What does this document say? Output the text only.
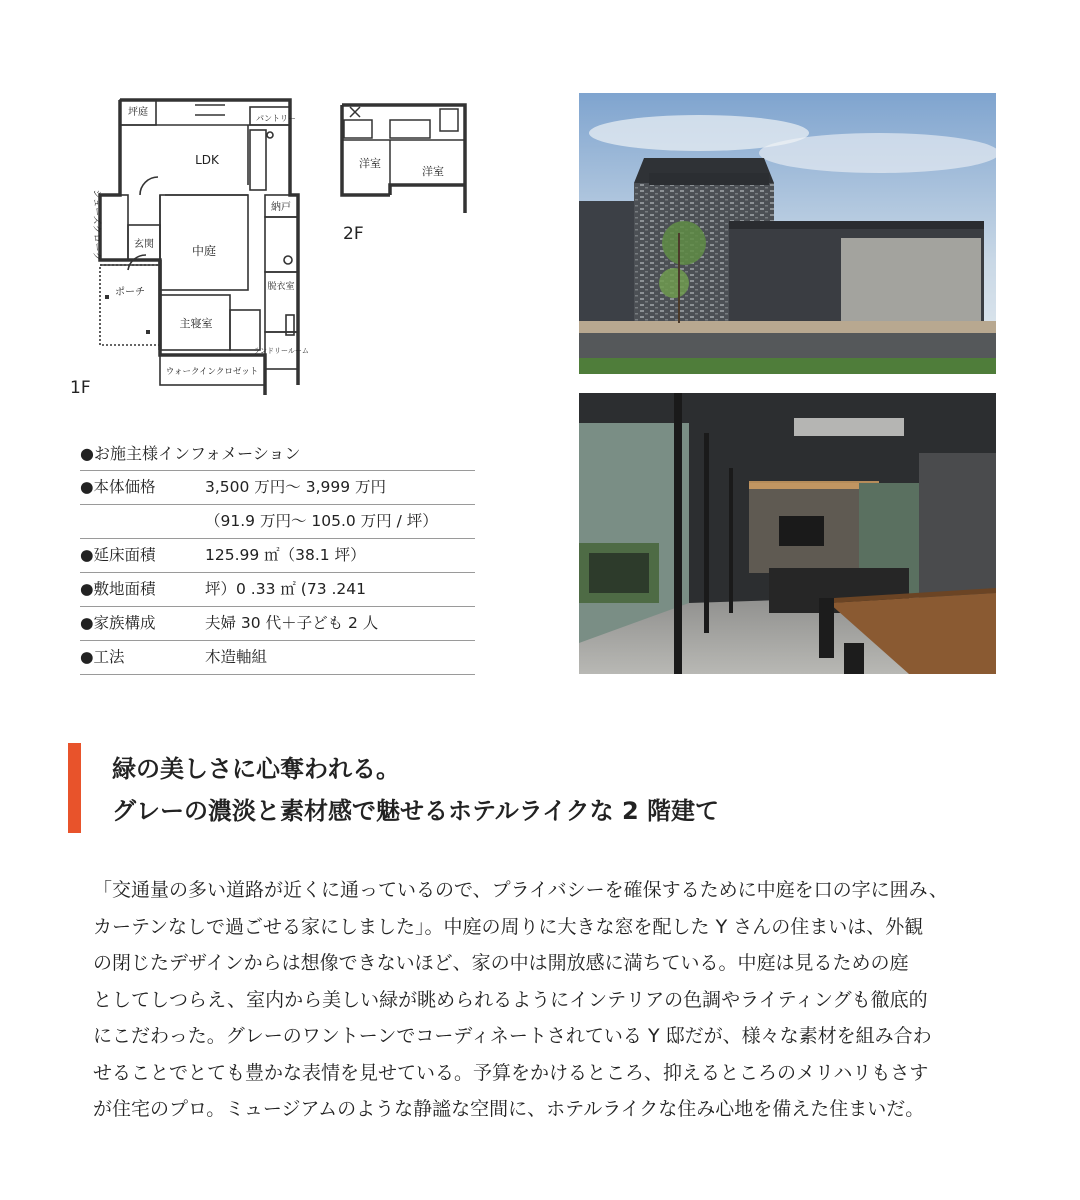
坪庭
パントリー
LDK
納戸
シューズクローク	玄関	中庭
脱衣室
ポーチ
主寝室
ランドリールーム
ウォークインクロゼット
1F
洋室
洋室
2F
●お施主様インフォメーション
●本体価格	3,500 万円〜 3,999 万円
（91.9 万円〜 105.0 万円 / 坪）
●延床面積	125.99 ㎡（38.1 坪）
●敷地面積	坪）0 .33 ㎡ (73 .241
●家族構成	夫婦 30 代＋子ども 2 人
●工法	木造軸組
緑の美しさに心奪われる。
グレーの濃淡と素材感で魅せるホテルライクな 2 階建て
「交通量の多い道路が近くに通っているので、プライバシーを確保するために中庭を口の字に囲み、
カーテンなしで過ごせる家にしました」。中庭の周りに大きな窓を配した Y さんの住まいは、外観
の閉じたデザインからは想像できないほど、家の中は開放感に満ちている。中庭は見るための庭
としてしつらえ、室内から美しい緑が眺められるようにインテリアの色調やライティングも徹底的
にこだわった。グレーのワントーンでコーディネートされている Y 邸だが、様々な素材を組み合わ
せることでとても豊かな表情を見せている。予算をかけるところ、抑えるところのメリハリもさす
が住宅のプロ。ミュージアムのような静謐な空間に、ホテルライクな住み心地を備えた住まいだ。
